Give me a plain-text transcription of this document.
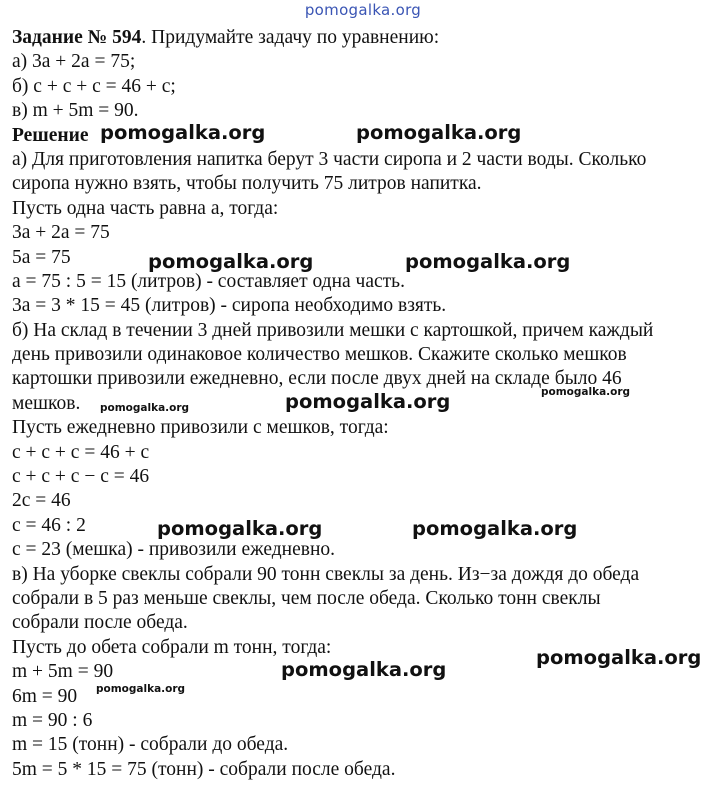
pomogalka.org
Задание № 594. Придумайте задачу по уравнению:
а) 3a + 2a = 75;
б) c + c + c = 46 + c;
в) m + 5m = 90.
Решение
а) Для приготовления напитка берут 3 части сиропа и 2 части воды. Сколько
сиропа нужно взять, чтобы получить 75 литров напитка.
Пусть одна часть равна а, тогда:
3а + 2а = 75
5а = 75
а = 75 : 5 = 15 (литров) - составляет одна часть.
3а = 3 * 15 = 45 (литров) - сиропа необходимо взять.
б) На склад в течении 3 дней привозили мешки с картошкой, причем каждый
день привозили одинаковое количество мешков. Скажите сколько мешков
картошки привозили ежедневно, если после двух дней на складе было 46
мешков.
Пусть ежедневно привозили с мешков, тогда:
с + с + с = 46 + с
с + с + с − с = 46
2с = 46
с = 46 : 2
с = 23 (мешка) - привозили ежедневно.
в) На уборке свеклы собрали 90 тонн свеклы за день. Из−за дождя до обеда
собрали в 5 раз меньше свеклы, чем после обеда. Сколько тонн свеклы
собрали после обеда.
Пусть до обета собрали m тонн, тогда:
m + 5m = 90
6m = 90
m = 90 : 6
m = 15 (тонн) - собрали до обеда.
5m = 5 * 15 = 75 (тонн) - собрали после обеда.
pomogalka.org	pomogalka.org
pomogalka.org	pomogalka.org
pomogalka.org	pomogalka.org	pomogalka.org
pomogalka.org	pomogalka.org
pomogalka.org
pomogalka.org
pomogalka.org
